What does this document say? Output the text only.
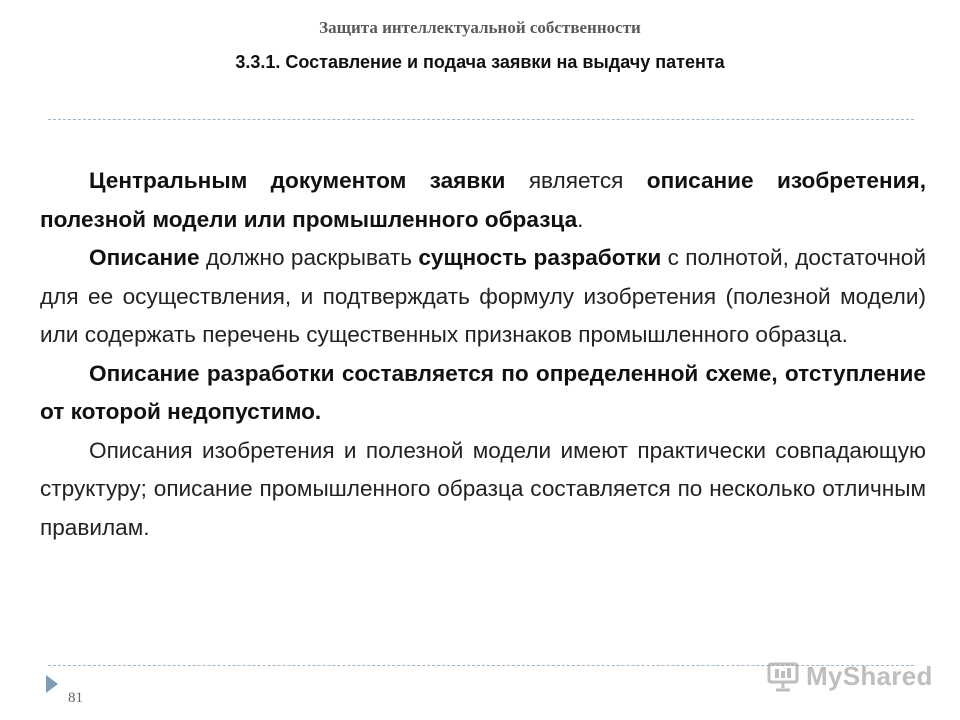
Защита интеллектуальной собственности
3.3.1. Составление и подача заявки на выдачу патента

Центральным документом заявки является описание изобретения, полезной модели или промышленного образца.

Описание должно раскрывать сущность разработки с полнотой, достаточной для ее осуществления, и подтверждать формулу изобретения (полезной модели) или содержать перечень существенных признаков промышленного образца.

Описание разработки составляется по определенной схеме, отступление от которой недопустимо.

Описания изобретения и полезной модели имеют практически совпадающую структуру; описание промышленного образца составляется по несколько отличным правилам.

81
MyShared
